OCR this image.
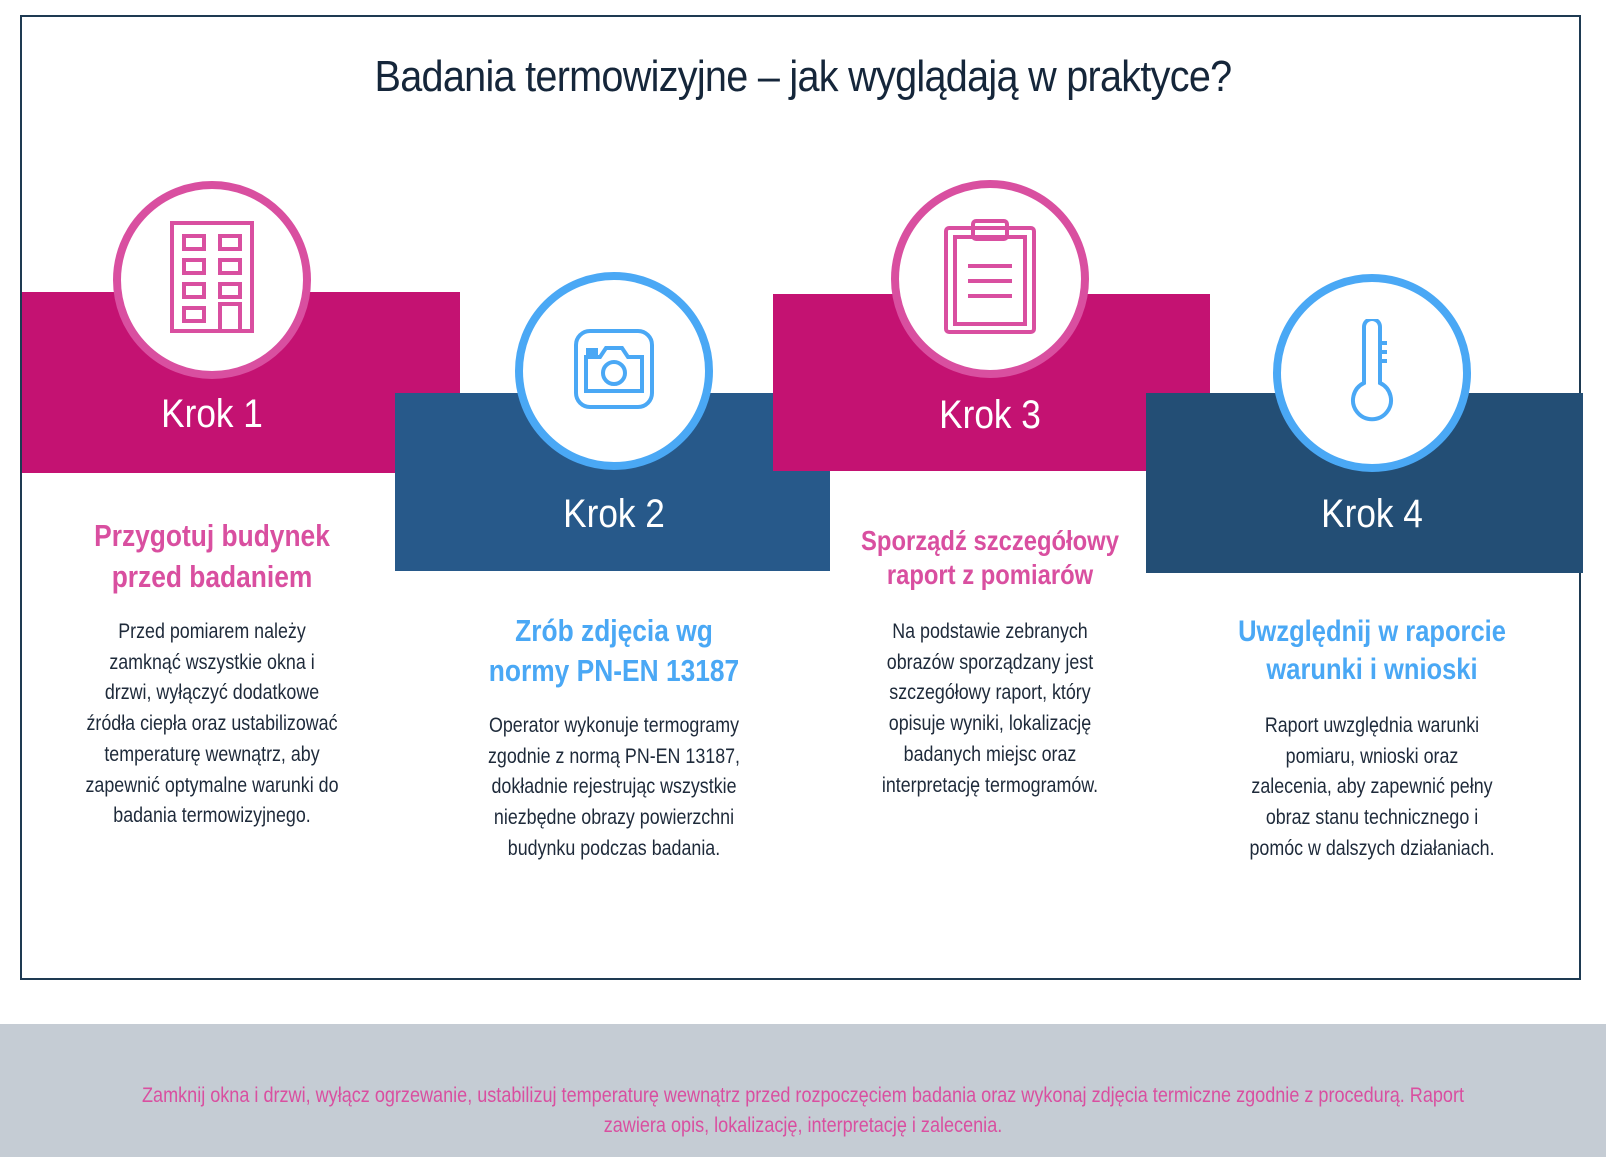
Badania termowizyjne – jak wyglądają w praktyce?
Krok 1
Przygotuj budynek
przed badaniem
Przed pomiarem należy
zamknąć wszystkie okna i
drzwi, wyłączyć dodatkowe
źródła ciepła oraz ustabilizować
temperaturę wewnątrz, aby
zapewnić optymalne warunki do
badania termowizyjnego.
Krok 2
Zrób zdjęcia wg
normy PN-EN 13187
Operator wykonuje termogramy
zgodnie z normą PN-EN 13187,
dokładnie rejestrując wszystkie
niezbędne obrazy powierzchni
budynku podczas badania.
Krok 3
Sporządź szczegółowy
raport z pomiarów
Na podstawie zebranych
obrazów sporządzany jest
szczegółowy raport, który
opisuje wyniki, lokalizację
badanych miejsc oraz
interpretację termogramów.
Krok 4
Uwzględnij w raporcie
warunki i wnioski
Raport uwzględnia warunki
pomiaru, wnioski oraz
zalecenia, aby zapewnić pełny
obraz stanu technicznego i
pomóc w dalszych działaniach.
Zamknij okna i drzwi, wyłącz ogrzewanie, ustabilizuj temperaturę wewnątrz przed rozpoczęciem badania oraz wykonaj zdjęcia termiczne zgodnie z procedurą. Raport
zawiera opis, lokalizację, interpretację i zalecenia.
